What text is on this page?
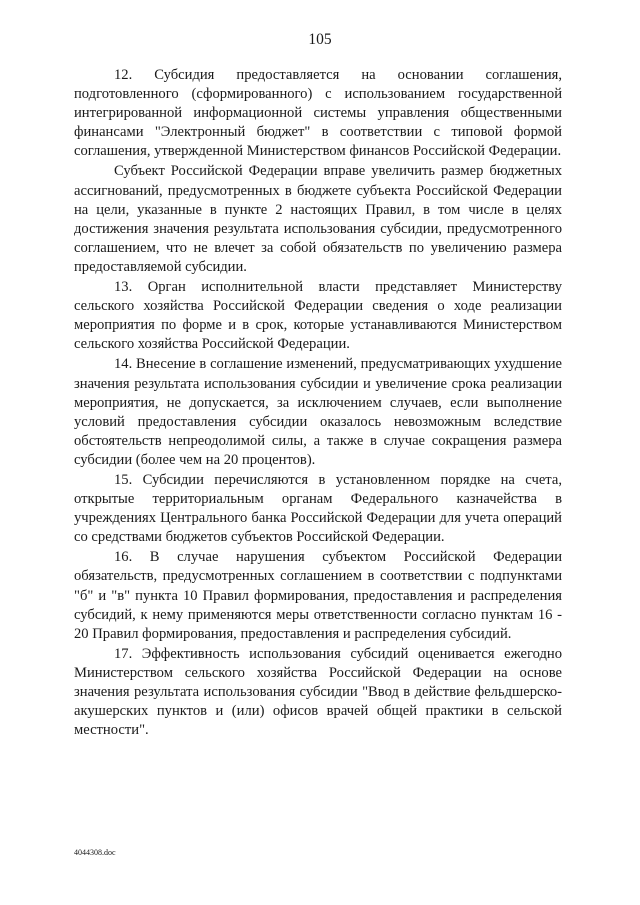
105

12. Субсидия предоставляется на основании соглашения, подготовленного (сформированного) с использованием государственной интегрированной информационной системы управления общественными финансами "Электронный бюджет" в соответствии с типовой формой соглашения, утвержденной Министерством финансов Российской Федерации.

Субъект Российской Федерации вправе увеличить размер бюджетных ассигнований, предусмотренных в бюджете субъекта Российской Федерации на цели, указанные в пункте 2 настоящих Правил, в том числе в целях достижения значения результата использования субсидии, предусмотренного соглашением, что не влечет за собой обязательств по увеличению размера предоставляемой субсидии.

13. Орган исполнительной власти представляет Министерству сельского хозяйства Российской Федерации сведения о ходе реализации мероприятия по форме и в срок, которые устанавливаются Министерством сельского хозяйства Российской Федерации.

14. Внесение в соглашение изменений, предусматривающих ухудшение значения результата использования субсидии и увеличение срока реализации мероприятия, не допускается, за исключением случаев, если выполнение условий предоставления субсидии оказалось невозможным вследствие обстоятельств непреодолимой силы, а также в случае сокращения размера субсидии (более чем на 20 процентов).

15. Субсидии перечисляются в установленном порядке на счета, открытые территориальным органам Федерального казначейства в учреждениях Центрального банка Российской Федерации для учета операций со средствами бюджетов субъектов Российской Федерации.

16. В случае нарушения субъектом Российской Федерации обязательств, предусмотренных соглашением в соответствии с подпунктами "б" и "в" пункта 10 Правил формирования, предоставления и распределения субсидий, к нему применяются меры ответственности согласно пунктам 16 - 20 Правил формирования, предоставления и распределения субсидий.

17. Эффективность использования субсидий оценивается ежегодно Министерством сельского хозяйства Российской Федерации на основе значения результата использования субсидии "Ввод в действие фельдшерско-акушерских пунктов и (или) офисов врачей общей практики в сельской местности".

4044308.doc
